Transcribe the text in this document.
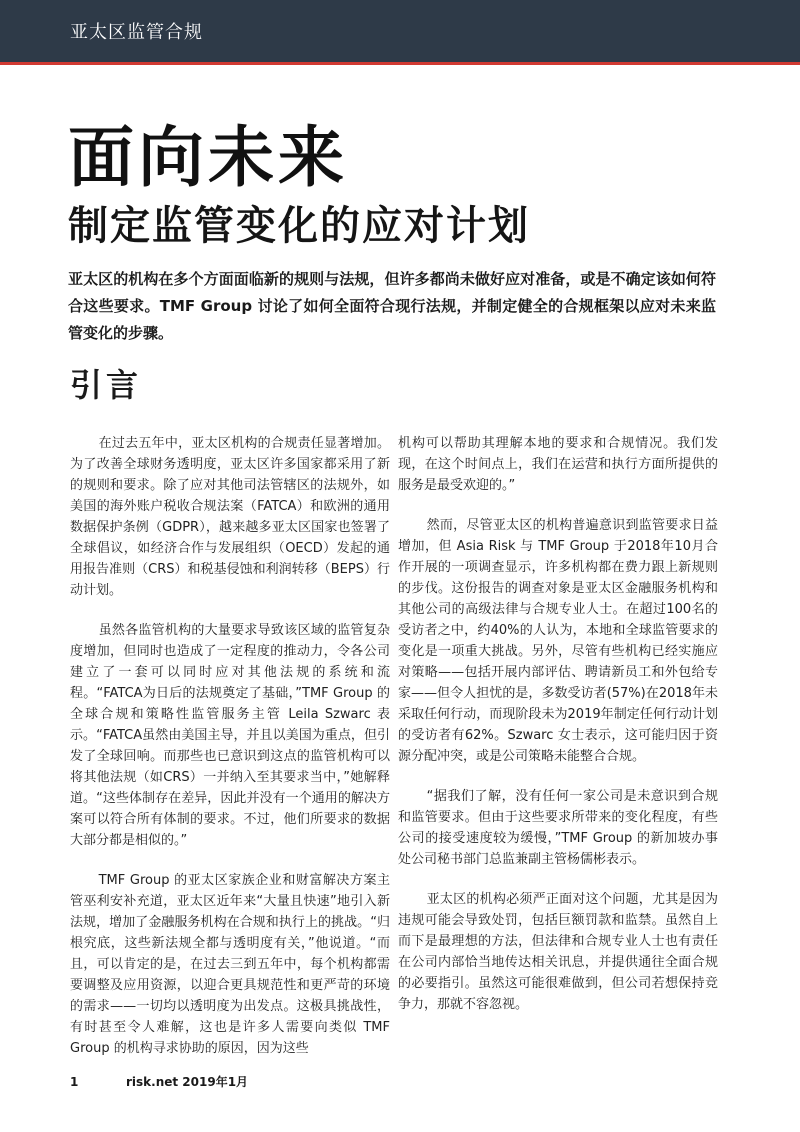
亚太区监管合规
面向未来
制定监管变化的应对计划

亚太区的机构在多个方面面临新的规则与法规，但许多都尚未做好应对准备，或是不确定该如何符合这些要求。TMF Group 讨论了如何全面符合现行法规，并制定健全的合规框架以应对未来监管变化的步骤。

引言

在过去五年中，亚太区机构的合规责任显著增加。为了改善全球财务透明度，亚太区许多国家都采用了新的规则和要求。除了应对其他司法管辖区的法规外，如美国的海外账户税收合规法案（FATCA）和欧洲的通用数据保护条例（GDPR），越来越多亚太区国家也签署了全球倡议，如经济合作与发展组织（OECD）发起的通用报告准则（CRS）和税基侵蚀和利润转移（BEPS）行动计划。

虽然各监管机构的大量要求导致该区域的监管复杂度增加，但同时也造成了一定程度的推动力，令各公司建立了一套可以同时应对其他法规的系统和流程。“FATCA为日后的法规奠定了基础，”TMF Group 的全球合规和策略性监管服务主管 Leila Szwarc 表示。“FATCA虽然由美国主导，并且以美国为重点，但引发了全球回响。而那些也已意识到这点的监管机构可以将其他法规（如CRS）一并纳入至其要求当中，”她解释道。“这些体制存在差异，因此并没有一个通用的解决方案可以符合所有体制的要求。不过，他们所要求的数据大部分都是相似的。”

TMF Group 的亚太区家族企业和财富解决方案主管巫利安补充道，亚太区近年来“大量且快速”地引入新法规，增加了金融服务机构在合规和执行上的挑战。“归根究底，这些新法规全都与透明度有关，”他说道。“而且，可以肯定的是，在过去三到五年中，每个机构都需要调整及应用资源，以迎合更具规范性和更严苛的环境的需求——一切均以透明度为出发点。这极具挑战性，有时甚至令人难解，这也是许多人需要向类似 TMF Group 的机构寻求协助的原因，因为这些

机构可以帮助其理解本地的要求和合规情况。我们发现，在这个时间点上，我们在运营和执行方面所提供的服务是最受欢迎的。”

然而，尽管亚太区的机构普遍意识到监管要求日益增加，但 Asia Risk 与 TMF Group 于2018年10月合作开展的一项调查显示，许多机构都在费力跟上新规则的步伐。这份报告的调查对象是亚太区金融服务机构和其他公司的高级法律与合规专业人士。在超过100名的受访者之中，约40%的人认为，本地和全球监管要求的变化是一项重大挑战。另外，尽管有些机构已经实施应对策略——包括开展内部评估、聘请新员工和外包给专家——但令人担忧的是，多数受访者(57%)在2018年未采取任何行动，而现阶段未为2019年制定任何行动计划的受访者有62%。Szwarc 女士表示，这可能归因于资源分配冲突，或是公司策略未能整合合规。

“据我们了解，没有任何一家公司是未意识到合规和监管要求。但由于这些要求所带来的变化程度，有些公司的接受速度较为缓慢，”TMF Group 的新加坡办事处公司秘书部门总监兼副主管杨儒彬表示。

亚太区的机构必须严正面对这个问题，尤其是因为违规可能会导致处罚，包括巨额罚款和监禁。虽然自上而下是最理想的方法，但法律和合规专业人士也有责任在公司内部恰当地传达相关讯息，并提供通往全面合规的必要指引。虽然这可能很难做到，但公司若想保持竞争力，那就不容忽视。

1	risk.net 2019年1月
